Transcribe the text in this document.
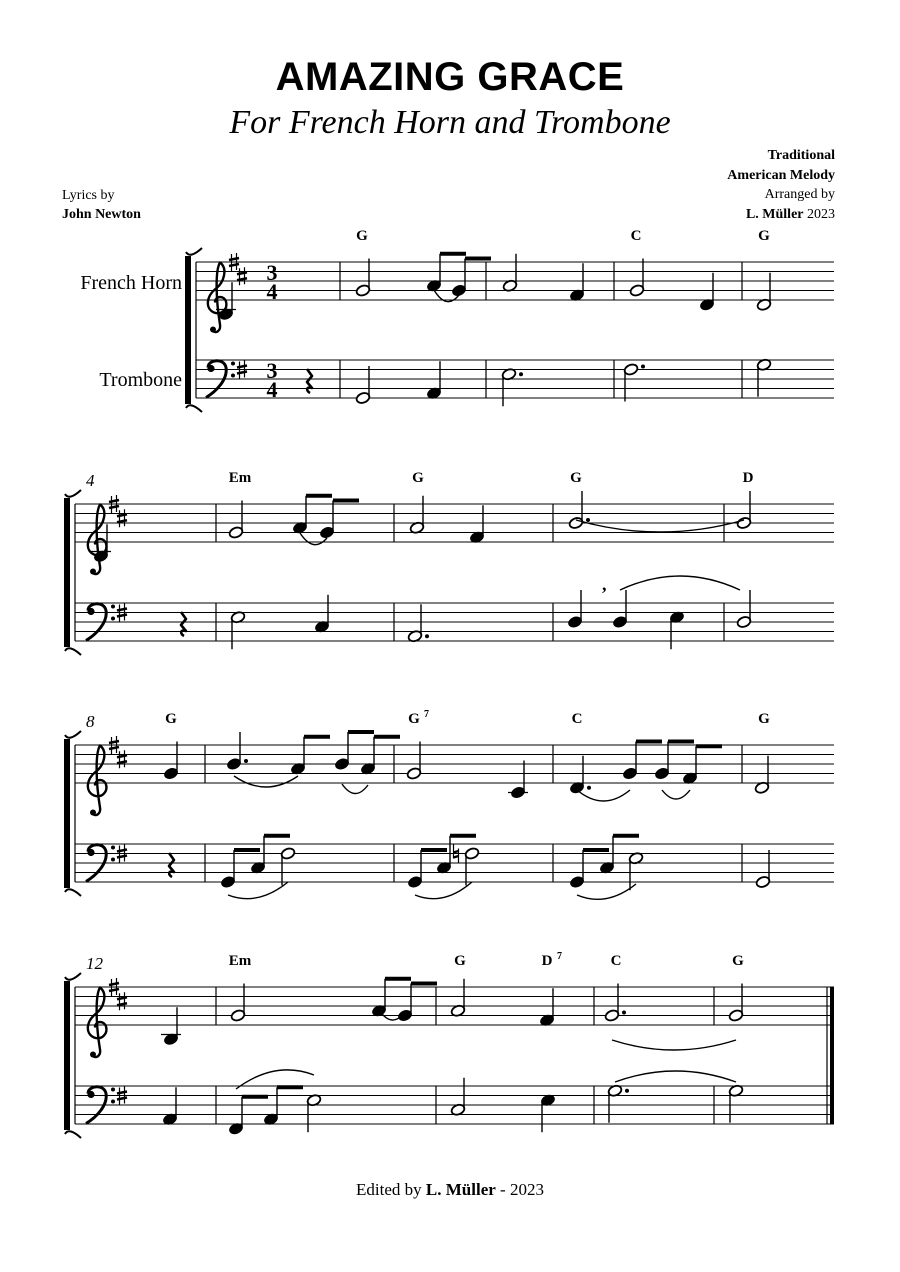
AMAZING GRACE
For French Horn and Trombone
Lyrics by
John Newton
Traditional
American Melody
Arranged by
L. Müller 2023
French Horn
Trombone
3
4
3
4
G	C	G
4	Em	G	G	D
8	G	G 7	C	G
12	Em	G	D 7	C	G
,
Edited by L. Müller - 2023
